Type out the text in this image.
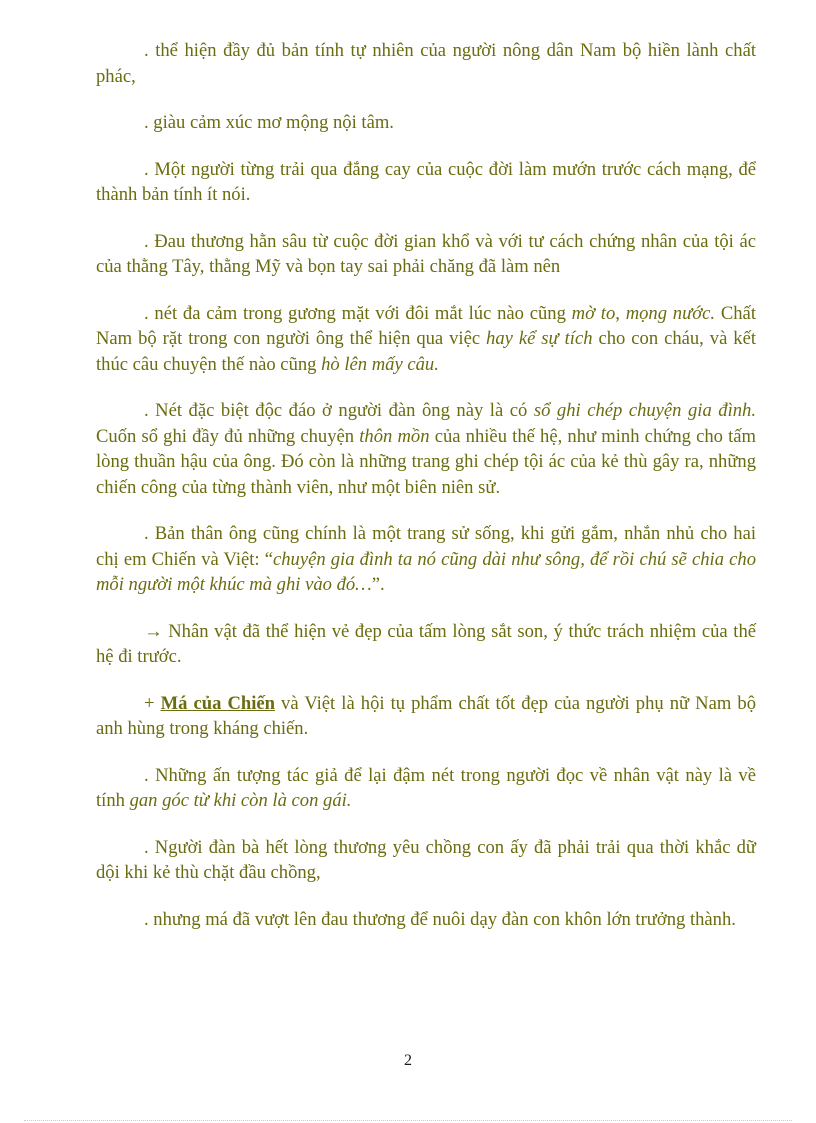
. thể hiện đầy đủ bản tính tự nhiên của người nông dân Nam bộ hiền lành chất phác,

. giàu cảm xúc mơ mộng nội tâm.

. Một người từng trải qua đắng cay của cuộc đời làm mướn trước cách mạng, để thành bản tính ít nói.

. Đau thương hằn sâu từ cuộc đời gian khổ và với tư cách chứng nhân của tội ác của thằng Tây, thằng Mỹ và bọn tay sai phải chăng đã làm nên

. nét đa cảm trong gương mặt với đôi mắt lúc nào cũng mờ to, mọng nước. Chất Nam bộ rặt trong con người ông thể hiện qua việc hay kể sự tích cho con cháu, và kết thúc câu chuyện thế nào cũng hò lên mấy câu.

. Nét đặc biệt độc đáo ở người đàn ông này là có sổ ghi chép chuyện gia đình. Cuốn sổ ghi đầy đủ những chuyện thôn mồn của nhiều thế hệ, như minh chứng cho tấm lòng thuần hậu của ông. Đó còn là những trang ghi chép tội ác của kẻ thù gây ra, những chiến công của từng thành viên, như một biên niên sử.

. Bản thân ông cũng chính là một trang sử sống, khi gửi gắm, nhắn nhủ cho hai chị em Chiến và Việt: “chuyện gia đình ta nó cũng dài như sông, để rồi chú sẽ chia cho mỗi người một khúc mà ghi vào đó…”.

→ Nhân vật đã thể hiện vẻ đẹp của tấm lòng sắt son, ý thức trách nhiệm của thế hệ đi trước.

+ Má của Chiến và Việt là hội tụ phẩm chất tốt đẹp của người phụ nữ Nam bộ anh hùng trong kháng chiến.

. Những ấn tượng tác giả để lại đậm nét trong người đọc về nhân vật này là về tính gan góc từ khi còn là con gái.

. Người đàn bà hết lòng thương yêu chồng con ấy đã phải trải qua thời khắc dữ dội khi kẻ thù chặt đầu chồng,

. nhưng má đã vượt lên đau thương để nuôi dạy đàn con khôn lớn trưởng thành.

2
